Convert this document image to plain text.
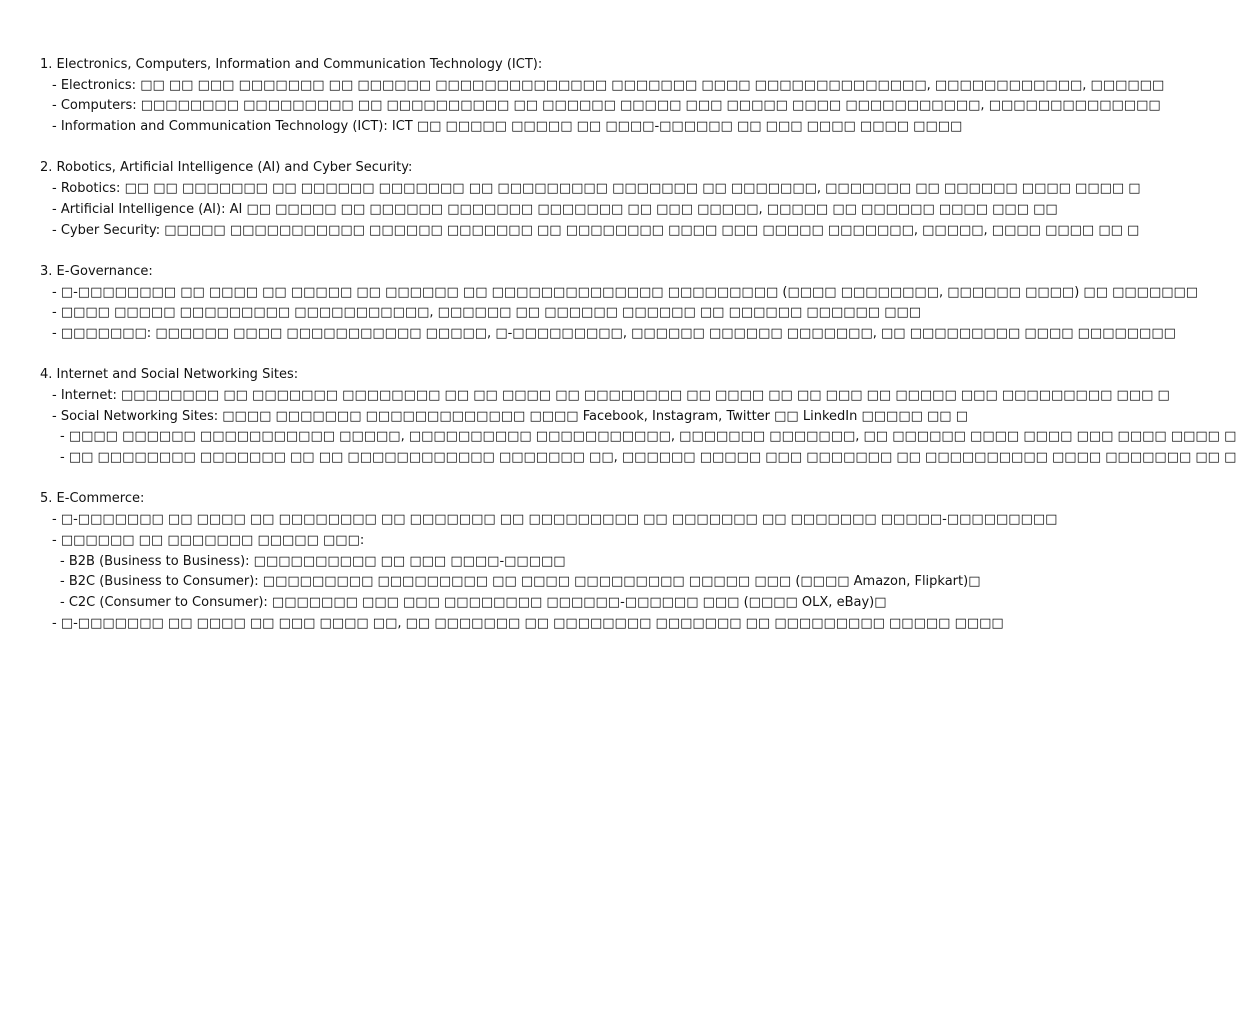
1. Electronics, Computers, Information and Communication Technology (ICT):
- Electronics: □□ □□ □□□ □□□□□□□ □□ □□□□□□ □□□□□□□□□□□□□□ □□□□□□□ □□□□ □□□□□□□□□□□□□□, □□□□□□□□□□□□, □□□□□□
- Computers: □□□□□□□□ □□□□□□□□□ □□ □□□□□□□□□□ □□ □□□□□□ □□□□□ □□□ □□□□□ □□□□ □□□□□□□□□□□, □□□□□□□□□□□□□□
- Information and Communication Technology (ICT): ICT □□ □□□□□ □□□□□ □□ □□□□-□□□□□□ □□ □□□ □□□□ □□□□ □□□□
2. Robotics, Artificial Intelligence (AI) and Cyber Security:
- Robotics: □□ □□ □□□□□□□ □□ □□□□□□ □□□□□□□ □□ □□□□□□□□□ □□□□□□□ □□ □□□□□□□, □□□□□□□ □□ □□□□□□ □□□□ □□□□ □
- Artificial Intelligence (AI): AI □□ □□□□□ □□ □□□□□□ □□□□□□□ □□□□□□□ □□ □□□ □□□□□, □□□□□ □□ □□□□□□ □□□□ □□□ □□
- Cyber Security: □□□□□ □□□□□□□□□□□ □□□□□□ □□□□□□□ □□ □□□□□□□□ □□□□ □□□ □□□□□ □□□□□□□, □□□□□, □□□□ □□□□ □□ □
3. E-Governance:
- □-□□□□□□□□ □□ □□□□ □□ □□□□□ □□ □□□□□□ □□ □□□□□□□□□□□□□□ □□□□□□□□□ (□□□□ □□□□□□□□, □□□□□□ □□□□) □□ □□□□□□□
- □□□□ □□□□□ □□□□□□□□□ □□□□□□□□□□□, □□□□□□ □□ □□□□□□ □□□□□□ □□ □□□□□□ □□□□□□ □□□
- □□□□□□□: □□□□□□ □□□□ □□□□□□□□□□□ □□□□□, □-□□□□□□□□□, □□□□□□ □□□□□□ □□□□□□□, □□ □□□□□□□□□ □□□□ □□□□□□□□
4. Internet and Social Networking Sites:
- Internet: □□□□□□□□ □□ □□□□□□□ □□□□□□□□ □□ □□ □□□□ □□ □□□□□□□□ □□ □□□□ □□ □□ □□□ □□ □□□□□ □□□ □□□□□□□□□ □□□ □
- Social Networking Sites: □□□□ □□□□□□□ □□□□□□□□□□□□□ □□□□ Facebook, Instagram, Twitter □□ LinkedIn □□□□□ □□ □
- □□□□ □□□□□□ □□□□□□□□□□□ □□□□□, □□□□□□□□□□ □□□□□□□□□□□, □□□□□□□ □□□□□□□, □□ □□□□□□ □□□□ □□□□ □□□ □□□□ □□□□ □
- □□ □□□□□□□□ □□□□□□□ □□ □□ □□□□□□□□□□□□ □□□□□□□ □□, □□□□□□ □□□□□ □□□ □□□□□□□ □□ □□□□□□□□□□ □□□□ □□□□□□□ □□ □
5. E-Commerce:
- □-□□□□□□□ □□ □□□□ □□ □□□□□□□□ □□ □□□□□□□ □□ □□□□□□□□□ □□ □□□□□□□ □□ □□□□□□□ □□□□□-□□□□□□□□□
- □□□□□□ □□ □□□□□□□ □□□□□ □□□:
- B2B (Business to Business): □□□□□□□□□□ □□ □□□ □□□□-□□□□□
- B2C (Business to Consumer): □□□□□□□□□ □□□□□□□□□ □□ □□□□ □□□□□□□□□ □□□□□ □□□ (□□□□ Amazon, Flipkart)□
- C2C (Consumer to Consumer): □□□□□□□ □□□ □□□ □□□□□□□□ □□□□□□-□□□□□□ □□□ (□□□□ OLX, eBay)□
- □-□□□□□□□ □□ □□□□ □□ □□□ □□□□ □□, □□ □□□□□□□ □□ □□□□□□□□ □□□□□□□ □□ □□□□□□□□□ □□□□□ □□□□
